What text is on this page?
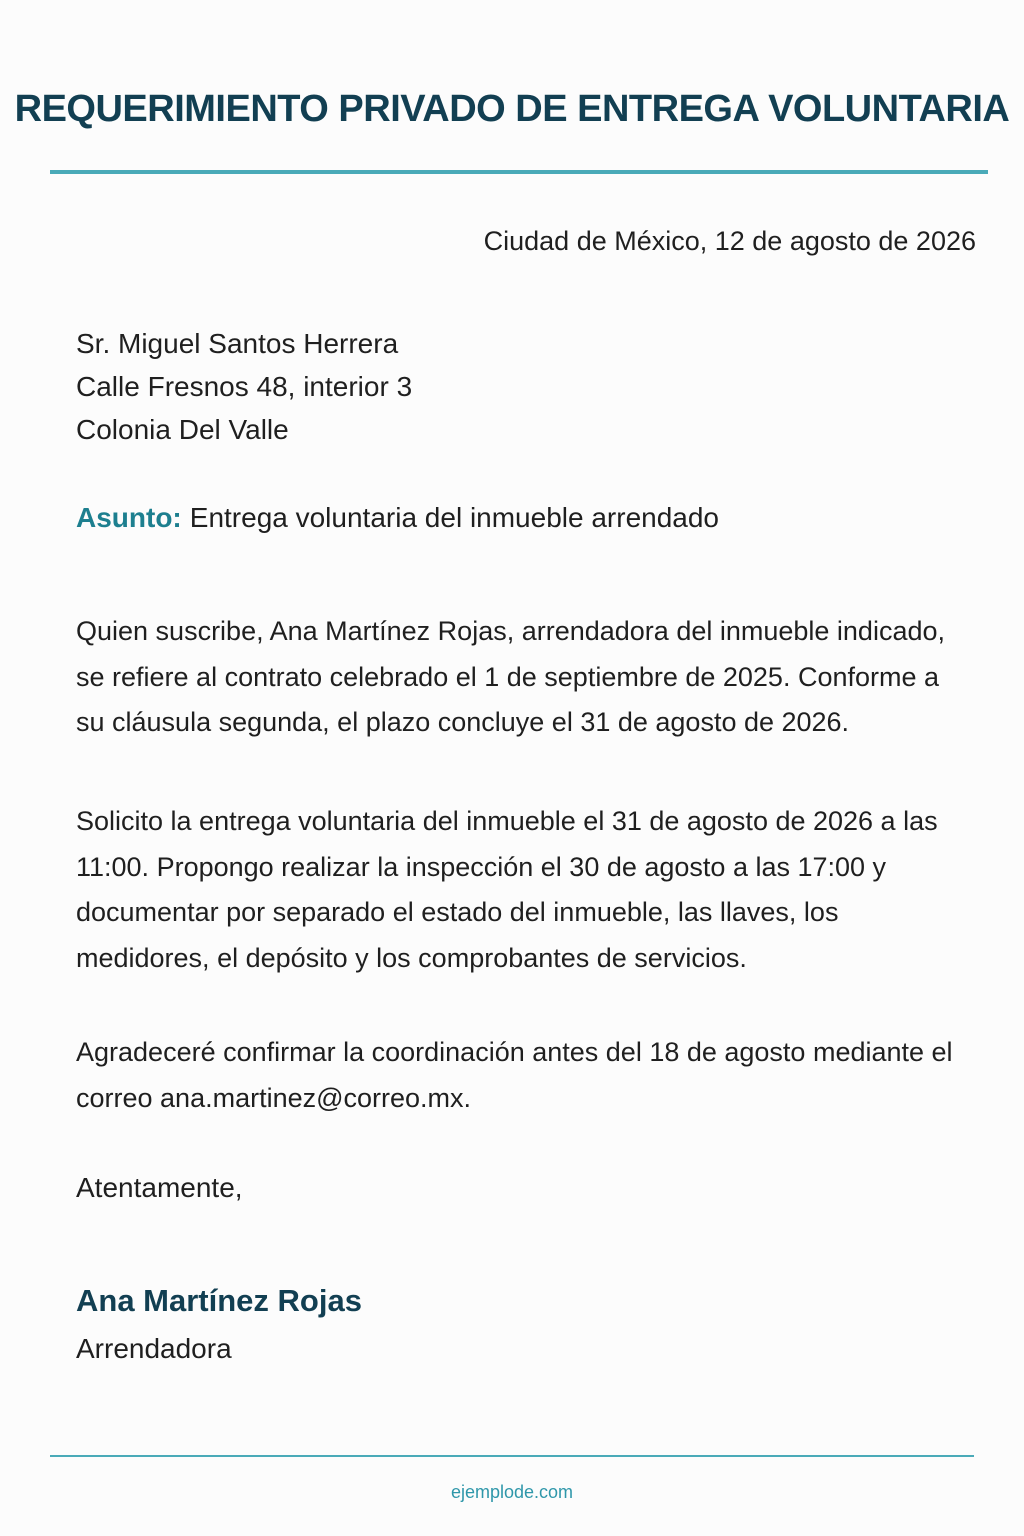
REQUERIMIENTO PRIVADO DE ENTREGA VOLUNTARIA
Ciudad de México, 12 de agosto de 2026
Sr. Miguel Santos Herrera
Calle Fresnos 48, interior 3
Colonia Del Valle
Asunto: Entrega voluntaria del inmueble arrendado

Quien suscribe, Ana Martínez Rojas, arrendadora del inmueble indicado, se refiere al contrato celebrado el 1 de septiembre de 2025. Conforme a su cláusula segunda, el plazo concluye el 31 de agosto de 2026.

Solicito la entrega voluntaria del inmueble el 31 de agosto de 2026 a las 11:00. Propongo realizar la inspección el 30 de agosto a las 17:00 y documentar por separado el estado del inmueble, las llaves, los medidores, el depósito y los comprobantes de servicios.

Agradeceré confirmar la coordinación antes del 18 de agosto mediante el correo ana.martinez@correo.mx.

Atentamente,
Ana Martínez Rojas
Arrendadora
ejemplode.com
